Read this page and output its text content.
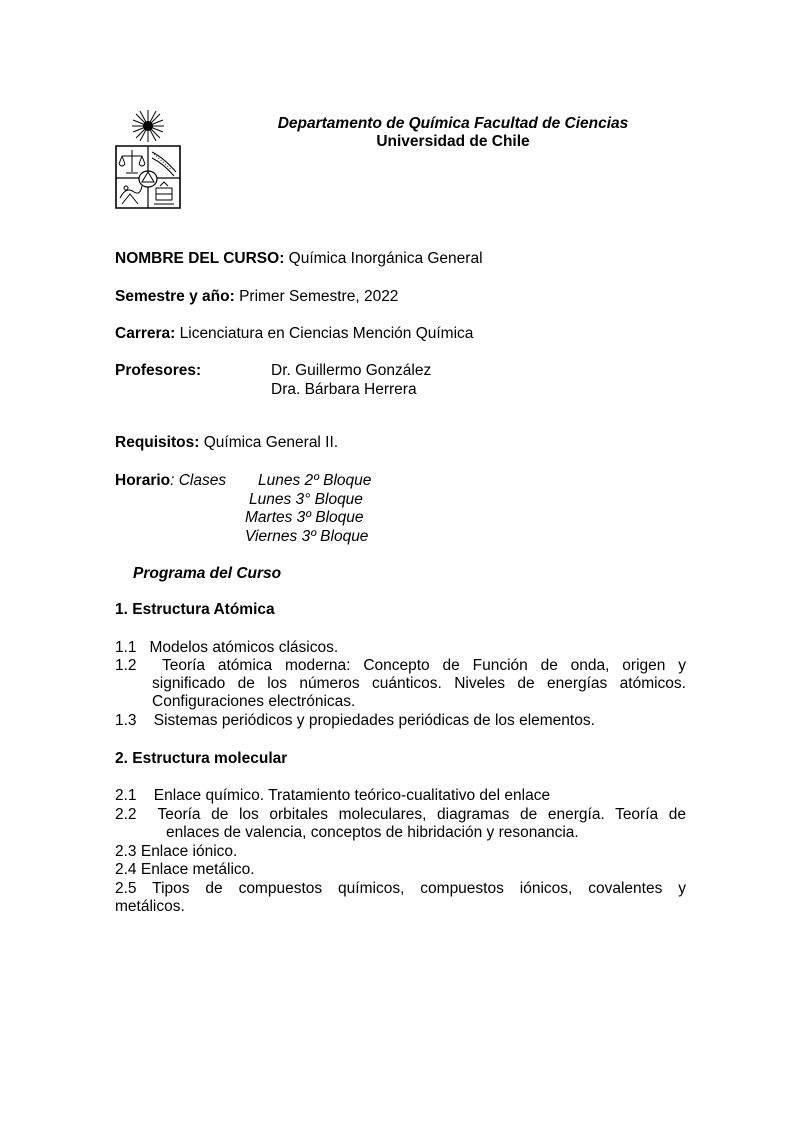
Departamento de Química Facultad de Ciencias
Universidad de Chile
NOMBRE DEL CURSO: Química Inorgánica General
Semestre y año: Primer Semestre, 2022
Carrera: Licenciatura en Ciencias Mención Química
Profesores:	Dr. Guillermo González
Dra. Bárbara Herrera
Requisitos: Química General II.
Horario: Clases Lunes 2º Bloque
Lunes 3° Bloque
Martes 3º Bloque
Viernes 3º Bloque
Programa del Curso
1. Estructura Atómica
1.1   Modelos atómicos clásicos.
1.2  Teoría atómica moderna: Concepto de Función de onda, origen y
significado de los números cuánticos. Niveles de energías atómicos.
Configuraciones electrónicas.
1.3    Sistemas periódicos y propiedades periódicas de los elementos.
2. Estructura molecular
2.1    Enlace químico. Tratamiento teórico-cualitativo del enlace
2.2  Teoría de los orbitales moleculares, diagramas de energía. Teoría de
enlaces de valencia, conceptos de hibridación y resonancia.
2.3 Enlace iónico.
2.4 Enlace metálico.
2.5  Tipos  de  compuestos  químicos,  compuestos  iónicos,  covalentes  y
metálicos.
